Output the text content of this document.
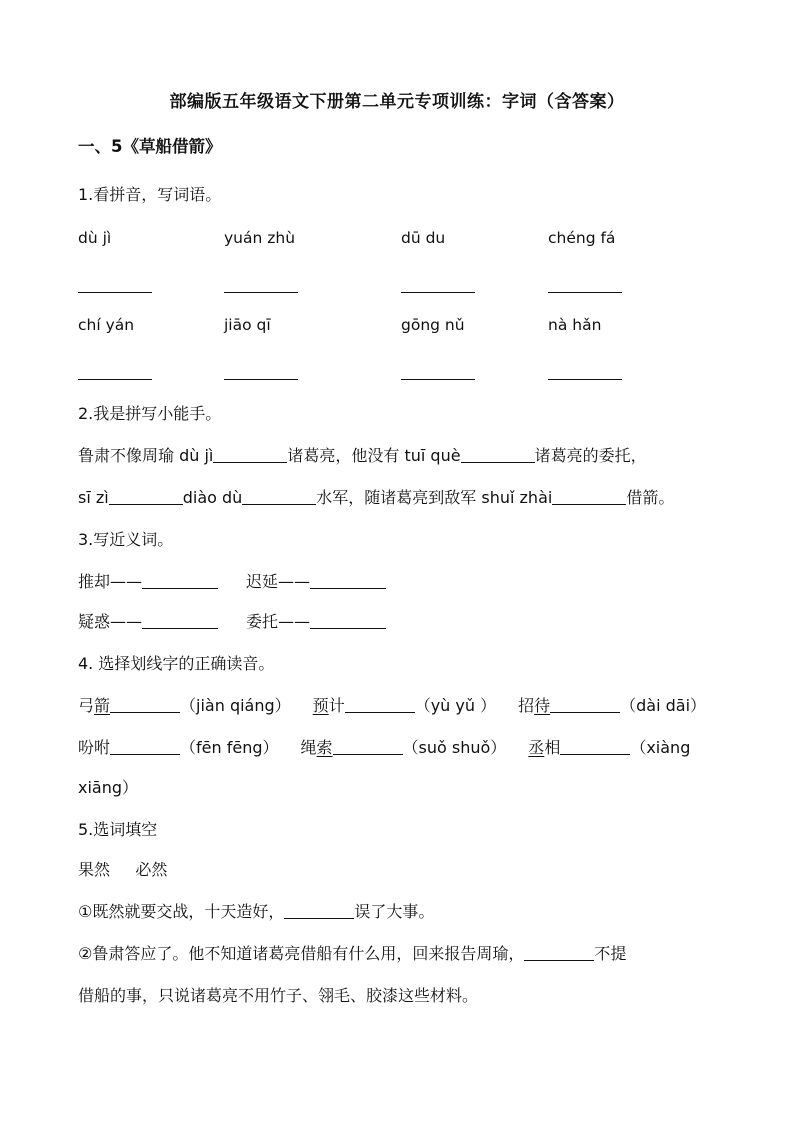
部编版五年级语文下册第二单元专项训练：字词（含答案）
一、5《草船借箭》
1.看拼音，写词语。
dù jì	yuán zhù	dū du	chéng fá
chí yán	jiāo qī	gōng nǔ	nà hǎn
2.我是拼写小能手。
鲁肃不像周瑜 dù jì	诸葛亮，他没有 tuī què	诸葛亮的委托，
sī zì	diào dù	水军，随诸葛亮到敌军 shuǐ zhài	借箭。
3.写近义词。
推却——	迟延——
疑惑——	委托——
4. 选择划线字的正确读音。
弓箭	（jiàn qiáng） 预计	（yù yǔ ） 招待	（dài dāi）
吩咐	（fēn fēng） 绳索	（suǒ shuǒ） 丞相	（xiàng
xiāng）
5.选词填空
果然     必然
①既然就要交战，十天造好，	误了大事。
②鲁肃答应了。他不知道诸葛亮借船有什么用，回来报告周瑜，	不提
借船的事，只说诸葛亮不用竹子、翎毛、胶漆这些材料。
